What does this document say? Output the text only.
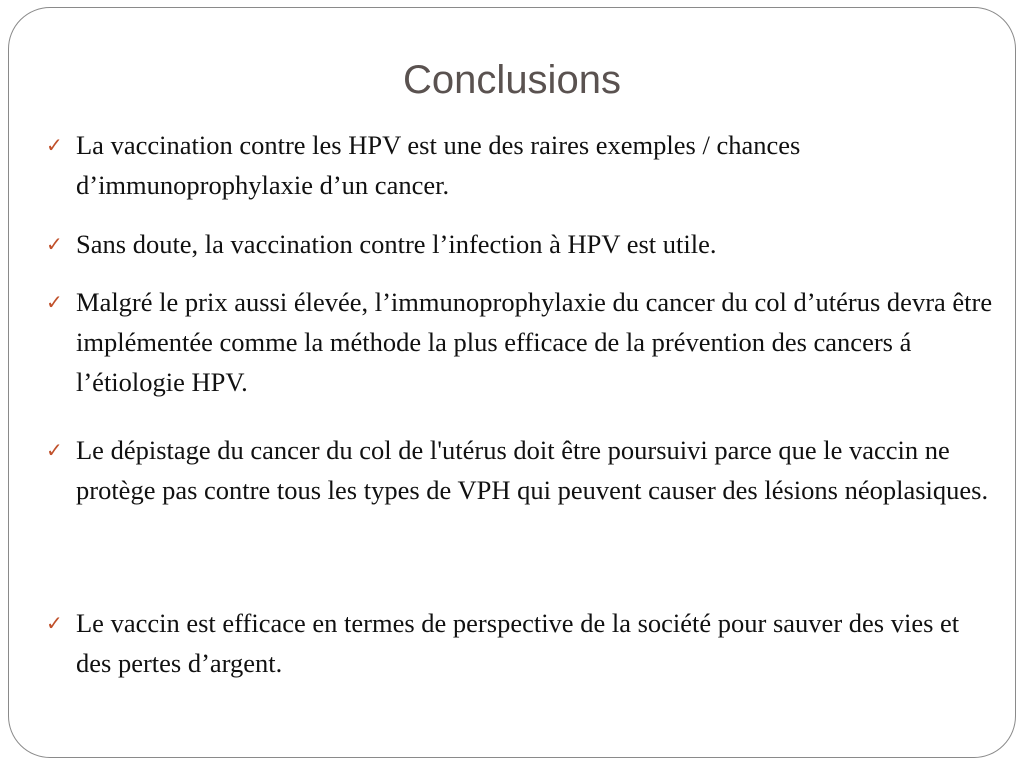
Conclusions
✓ La vaccination contre les HPV est une des raires exemples / chances d’immunoprophylaxie d’un cancer.
✓ Sans doute, la vaccination contre l’infection à HPV est utile.
✓ Malgré le prix aussi élevée, l’immunoprophylaxie du cancer du col d’utérus devra être implémentée comme la méthode la plus efficace de la prévention des cancers á l’étiologie HPV.
✓ Le dépistage du cancer du col de l'utérus doit être poursuivi parce que le vaccin ne protège pas contre tous les types de VPH qui peuvent causer des lésions néoplasiques.
✓ Le vaccin est efficace en termes de perspective de la société pour sauver des vies et des pertes d’argent.
